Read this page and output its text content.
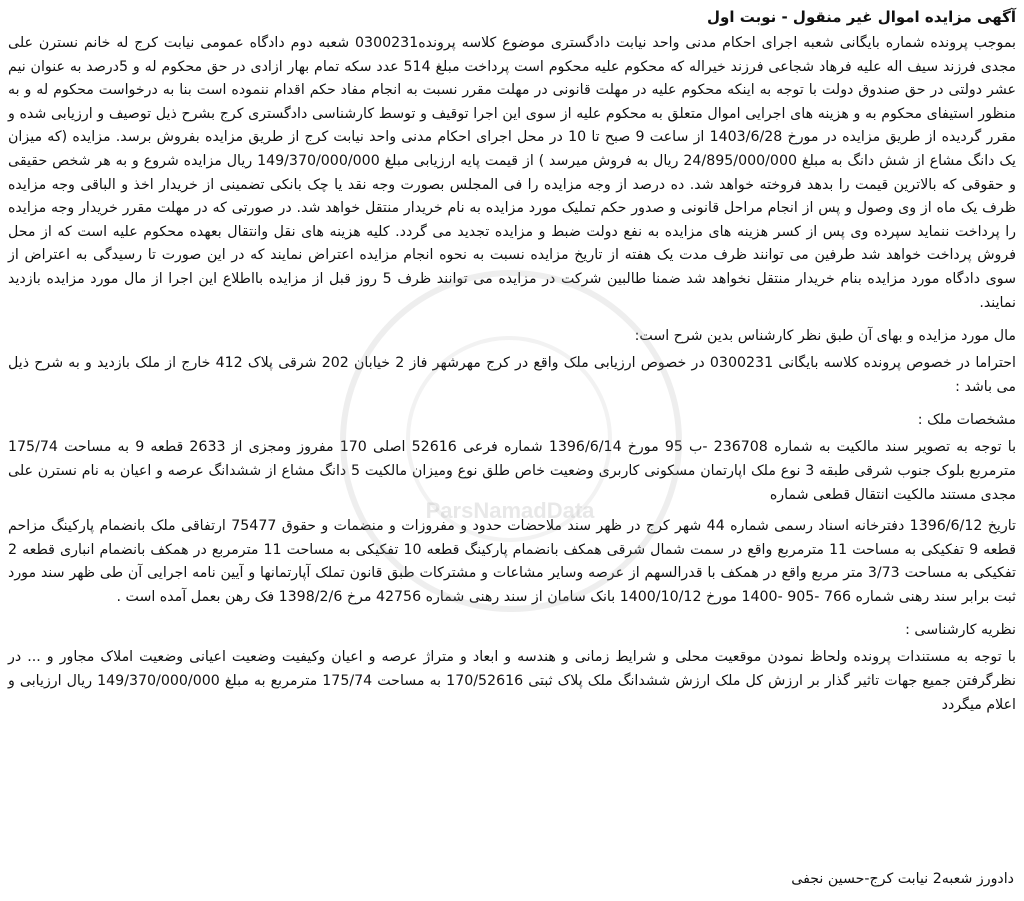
ParsNamadData
آگهی مزایده اموال غیر منقول - نوبت اول

بموجب پرونده شماره بایگانی شعبه اجرای احکام مدنی واحد نیابت دادگستری موضوع کلاسه پرونده0300231 شعبه دوم دادگاه عمومی نیابت کرج له خانم نسترن علی مجدی فرزند سیف اله علیه فرهاد شجاعی فرزند خیراله که محکوم علیه محکوم است پرداخت مبلغ 514 عدد سکه تمام بهار ازادی در حق محکوم له و 5درصد به عنوان نیم عشر دولتی در حق صندوق دولت با توجه به اینکه محکوم علیه در مهلت قانونی در مهلت مقرر نسبت به انجام مفاد حکم اقدام ننموده است بنا به درخواست محکوم له و به منظور استیفای محکوم به و هزینه های اجرایی اموال متعلق به محکوم علیه از سوی این اجرا توقیف و توسط کارشناسی دادگستری کرج بشرح ذیل توصیف و ارزیابی شده و مقرر گردیده از طریق مزایده در مورخ 1403/6/28 از ساعت 9 صبح تا 10 در محل اجرای احکام مدنی واحد نیابت کرج از طریق مزایده بفروش برسد. مزایده (که میزان یک دانگ مشاع از شش دانگ به مبلغ 24/895/000/000 ریال به فروش میرسد ) از قیمت پایه ارزیابی مبلغ 149/370/000/000 ریال مزایده شروع و به هر شخص حقیقی و حقوقی که بالاترین قیمت را بدهد فروخته خواهد شد. ده درصد از وجه مزایده را فی المجلس بصورت وجه نقد یا چک بانکی تضمینی از خریدار اخذ و الباقی وجه مزایده ظرف یک ماه از وی وصول و پس از انجام مراحل قانونی و صدور حکم تملیک مورد مزایده به نام خریدار منتقل خواهد شد. در صورتی که در مهلت مقرر خریدار وجه مزایده را پرداخت ننماید سپرده وی پس از کسر هزینه های مزایده به نفع دولت ضبط و مزایده تجدید می گردد. کلیه هزینه های نقل وانتقال بعهده محکوم علیه است که از محل فروش پرداخت خواهد شد طرفین می توانند ظرف مدت یک هفته از تاریخ مزایده نسبت به نحوه انجام مزایده اعتراض نمایند که در این صورت تا رسیدگی به اعتراض از سوی دادگاه مورد مزایده بنام خریدار منتقل نخواهد شد ضمنا طالبین شرکت در مزایده می توانند ظرف 5 روز قبل از مزایده بااطلاع این اجرا از مال مورد مزایده بازدید نمایند.

مال مورد مزایده و بهای آن طبق نظر کارشناس بدین شرح است:

احتراما در خصوص پرونده کلاسه بایگانی 0300231 در خصوص ارزیابی ملک واقع در کرج مهرشهر فاز 2 خیابان 202 شرقی پلاک 412 خارج از ملک بازدید و به شرح ذیل می باشد :

مشخصات ملک :

با توجه به تصویر سند مالکیت به شماره 236708 -ب 95 مورخ 1396/6/14 شماره فرعی 52616 اصلی 170 مفروز ومجزی از 2633 قطعه 9 به مساحت 175/74 مترمربع بلوک جنوب شرقی طبقه 3 نوع ملک اپارتمان مسکونی کاربری وضعیت خاص طلق نوع ومیزان مالکیت 5 دانگ مشاع از ششدانگ عرصه و اعیان به نام نسترن علی مجدی مستند مالکیت انتقال قطعی شماره

تاریخ 1396/6/12 دفترخانه اسناد رسمی شماره 44 شهر کرج در ظهر سند ملاحضات حدود و مفروزات و منضمات و حقوق 75477 ارتفاقی ملک بانضمام پارکینگ مزاحم قطعه 9 تفکیکی به مساحت 11 مترمربع واقع در سمت شمال شرقی همکف بانضمام پارکینگ قطعه 10 تفکیکی به مساحت 11 مترمربع در همکف بانضمام انباری قطعه 2 تفکیکی به مساحت 3/73 متر مربع واقع در همکف با قدرالسهم از عرصه وسایر مشاعات و مشترکات طبق قانون تملک آپارتمانها و آیین نامه اجرایی آن طی ظهر سند مورد ثبت برابر سند رهنی شماره 766 -905 -1400 مورخ 1400/10/12 بانک سامان از سند رهنی شماره 42756 مرخ 1398/2/6 فک رهن بعمل آمده است .

نظریه کارشناسی :

با توجه به مستندات پرونده ولحاظ نمودن موقعیت محلی و شرایط زمانی و هندسه و ابعاد و متراژ عرصه و اعیان وکیفیت وضعیت اعیانی وضعیت املاک مجاور و ... در نظرگرفتن جمیع جهات تاثیر گذار بر ارزش کل ملک ارزش ششدانگ ملک پلاک ثبتی 170/52616 به مساحت 175/74 مترمربع به مبلغ 149/370/000/000 ریال ارزیابی و اعلام میگردد

دادورز شعبه2 نیابت کرج-حسین نجفی
